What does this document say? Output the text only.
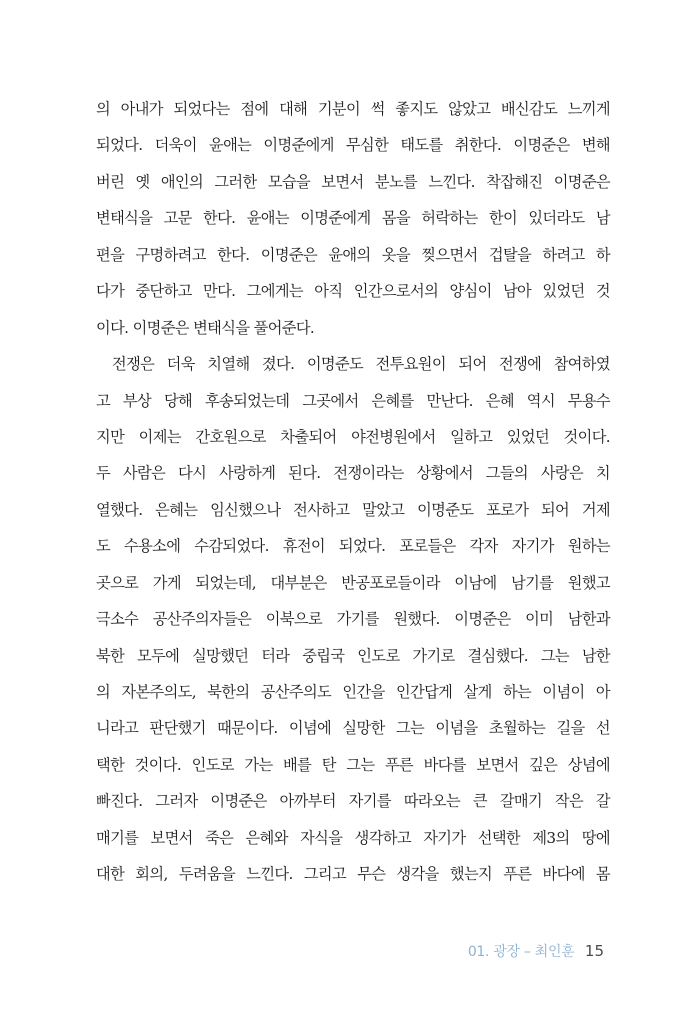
의 아내가 되었다는 점에 대해 기분이 썩 좋지도 않았고 배신감도 느끼게
되었다. 더욱이 윤애는 이명준에게 무심한 태도를 취한다. 이명준은 변해
버린 옛 애인의 그러한 모습을 보면서 분노를 느낀다. 착잡해진 이명준은
변태식을 고문 한다. 윤애는 이명준에게 몸을 허락하는 한이 있더라도 남
편을 구명하려고 한다. 이명준은 윤애의 옷을 찢으면서 겁탈을 하려고 하
다가 중단하고 만다. 그에게는 아직 인간으로서의 양심이 남아 있었던 것
이다. 이명준은 변태식을 풀어준다.
전쟁은 더욱 치열해 졌다. 이명준도 전투요원이 되어 전쟁에 참여하였
고 부상 당해 후송되었는데 그곳에서 은혜를 만난다. 은혜 역시 무용수
지만 이제는 간호원으로 차출되어 야전병원에서 일하고 있었던 것이다.
두 사람은 다시 사랑하게 된다. 전쟁이라는 상황에서 그들의 사랑은 치
열했다. 은혜는 임신했으나 전사하고 말았고 이명준도 포로가 되어 거제
도 수용소에 수감되었다. 휴전이 되었다. 포로들은 각자 자기가 원하는
곳으로 가게 되었는데, 대부분은 반공포로들이라 이남에 남기를 원했고
극소수 공산주의자들은 이북으로 가기를 원했다. 이명준은 이미 남한과
북한 모두에 실망했던 터라 중립국 인도로 가기로 결심했다. 그는 남한
의 자본주의도, 북한의 공산주의도 인간을 인간답게 살게 하는 이념이 아
니라고 판단했기 때문이다. 이념에 실망한 그는 이념을 초월하는 길을 선
택한 것이다. 인도로 가는 배를 탄 그는 푸른 바다를 보면서 깊은 상념에
빠진다. 그러자 이명준은 아까부터 자기를 따라오는 큰 갈매기 작은 갈
매기를 보면서 죽은 은혜와 자식을 생각하고 자기가 선택한 제3의 땅에
대한 회의, 두려움을 느낀다. 그리고 무슨 생각을 했는지 푸른 바다에 몸
01. 광장 – 최인훈 15
